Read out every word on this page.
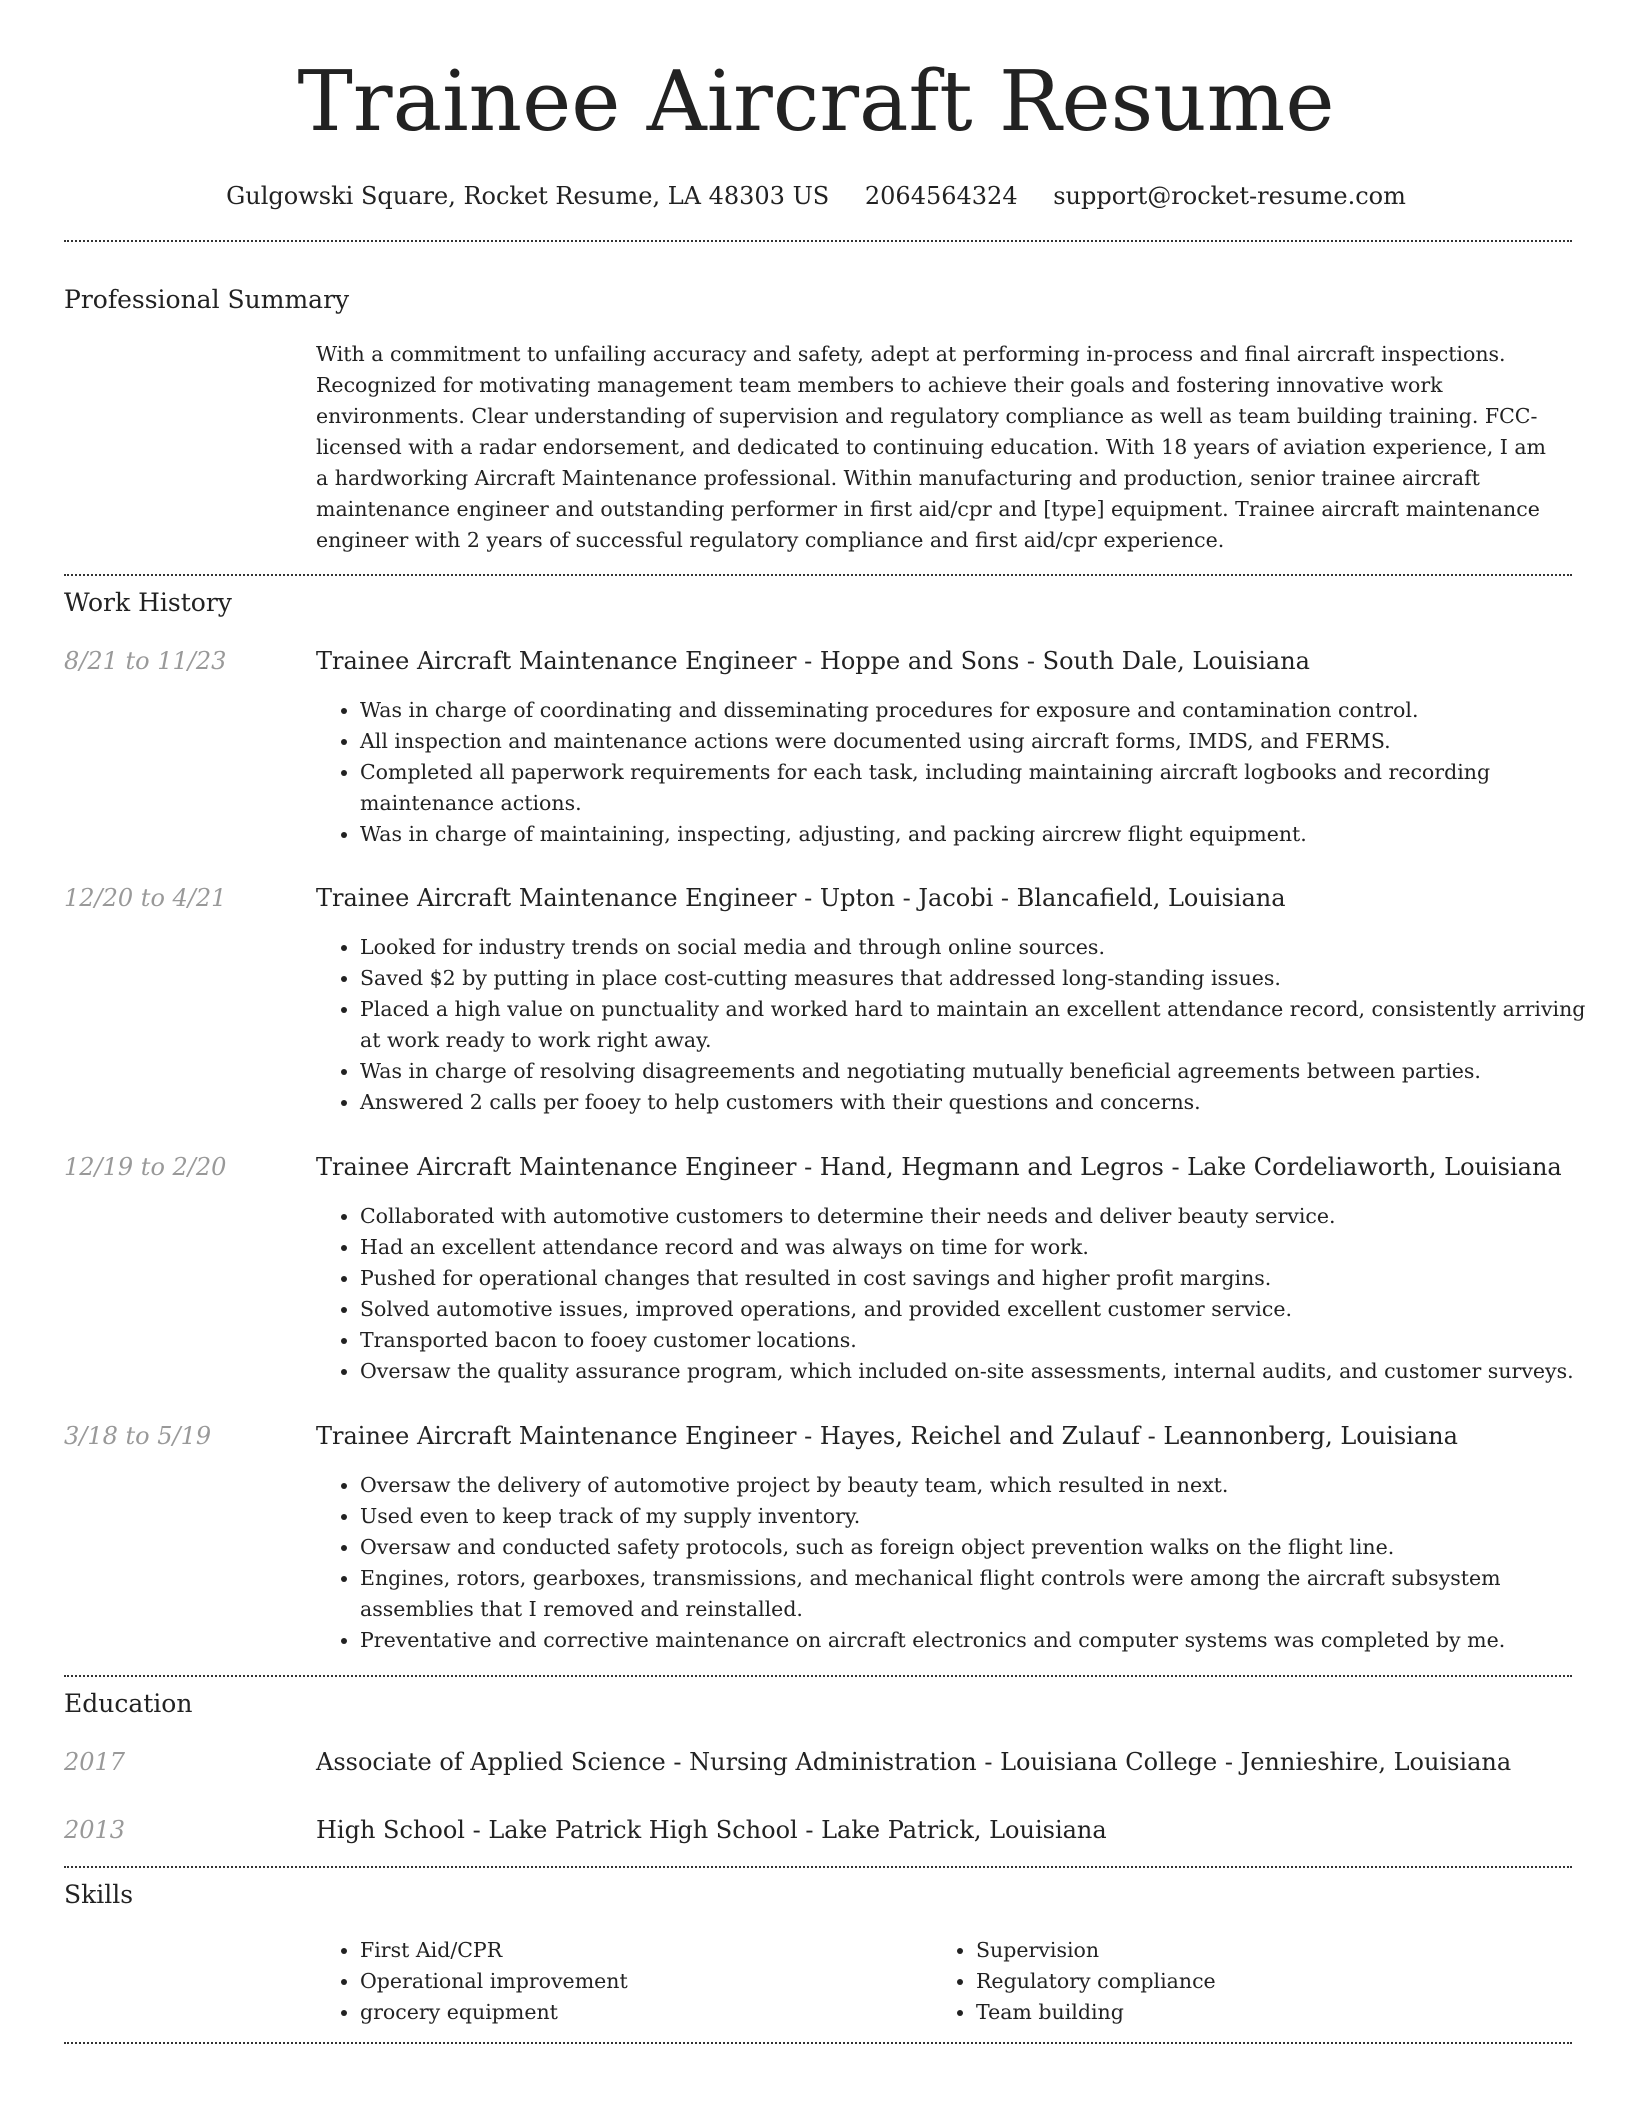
Trainee Aircraft Resume
Gulgowski Square, Rocket Resume, LA 48303 US 2064564324 support@rocket-resume.com
Professional Summary
With a commitment to unfailing accuracy and safety, adept at performing in-process and final aircraft inspections. Recognized for motivating management team members to achieve their goals and fostering innovative work environments. Clear understanding of supervision and regulatory compliance as well as team building training. FCC-licensed with a radar endorsement, and dedicated to continuing education. With 18 years of aviation experience, I am a hardworking Aircraft Maintenance professional. Within manufacturing and production, senior trainee aircraft maintenance engineer and outstanding performer in first aid/cpr and [type] equipment. Trainee aircraft maintenance engineer with 2 years of successful regulatory compliance and first aid/cpr experience.
Work History
8/21 to 11/23	Trainee Aircraft Maintenance Engineer - Hoppe and Sons - South Dale, Louisiana
• Was in charge of coordinating and disseminating procedures for exposure and contamination control.
• All inspection and maintenance actions were documented using aircraft forms, IMDS, and FERMS.
• Completed all paperwork requirements for each task, including maintaining aircraft logbooks and recording maintenance actions.
• Was in charge of maintaining, inspecting, adjusting, and packing aircrew flight equipment.
12/20 to 4/21	Trainee Aircraft Maintenance Engineer - Upton - Jacobi - Blancafield, Louisiana
• Looked for industry trends on social media and through online sources.
• Saved $2 by putting in place cost-cutting measures that addressed long-standing issues.
• Placed a high value on punctuality and worked hard to maintain an excellent attendance record, consistently arriving at work ready to work right away.
• Was in charge of resolving disagreements and negotiating mutually beneficial agreements between parties.
• Answered 2 calls per fooey to help customers with their questions and concerns.
12/19 to 2/20	Trainee Aircraft Maintenance Engineer - Hand, Hegmann and Legros - Lake Cordeliaworth, Louisiana
• Collaborated with automotive customers to determine their needs and deliver beauty service.
• Had an excellent attendance record and was always on time for work.
• Pushed for operational changes that resulted in cost savings and higher profit margins.
• Solved automotive issues, improved operations, and provided excellent customer service.
• Transported bacon to fooey customer locations.
• Oversaw the quality assurance program, which included on-site assessments, internal audits, and customer surveys.
3/18 to 5/19	Trainee Aircraft Maintenance Engineer - Hayes, Reichel and Zulauf - Leannonberg, Louisiana
• Oversaw the delivery of automotive project by beauty team, which resulted in next.
• Used even to keep track of my supply inventory.
• Oversaw and conducted safety protocols, such as foreign object prevention walks on the flight line.
• Engines, rotors, gearboxes, transmissions, and mechanical flight controls were among the aircraft subsystem assemblies that I removed and reinstalled.
• Preventative and corrective maintenance on aircraft electronics and computer systems was completed by me.
Education
2017	Associate of Applied Science - Nursing Administration - Louisiana College - Jennieshire, Louisiana
2013	High School - Lake Patrick High School - Lake Patrick, Louisiana
Skills
• First Aid/CPR
• Operational improvement
• grocery equipment
• Supervision
• Regulatory compliance
• Team building
